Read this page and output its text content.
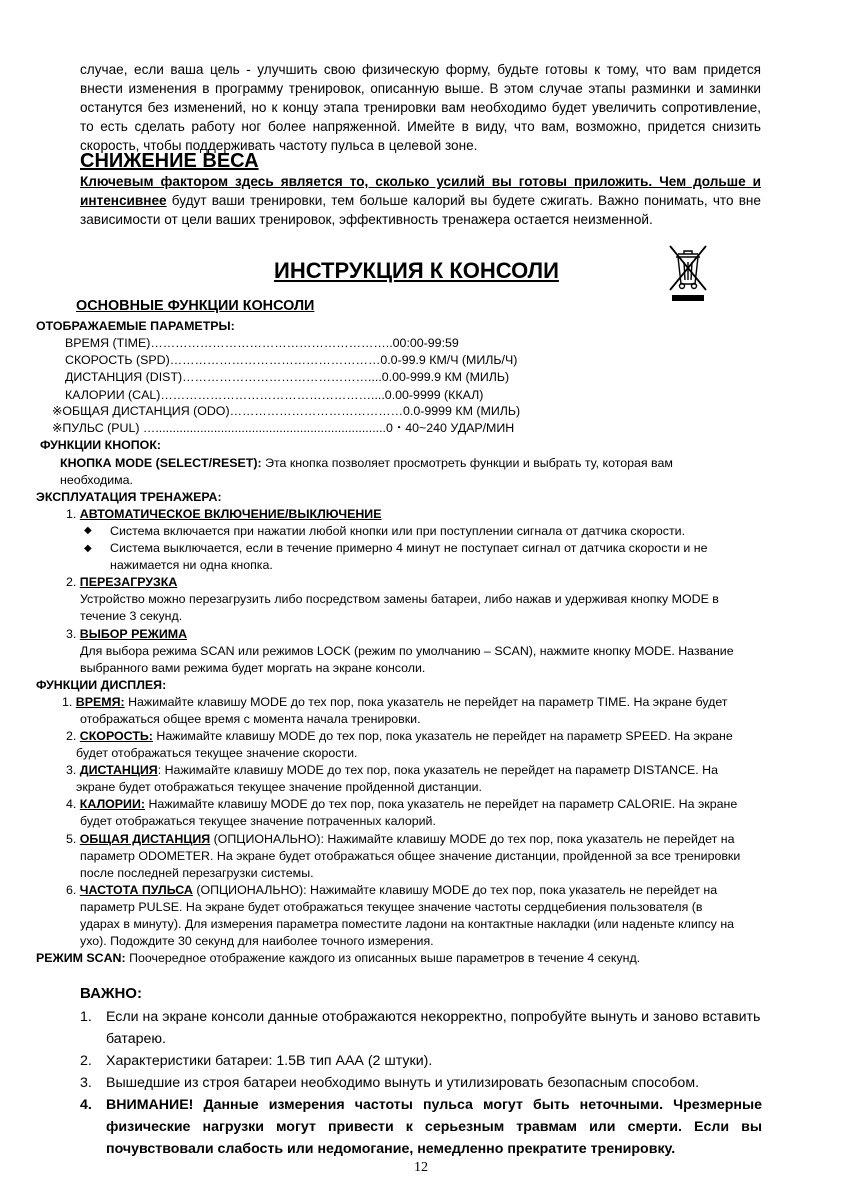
случае, если ваша цель - улучшить свою физическую форму, будьте готовы к тому, что вам придется внести изменения в программу тренировок, описанную выше. В этом случае этапы разминки и заминки останутся без изменений, но к концу этапа тренировки вам необходимо будет увеличить сопротивление, то есть сделать работу ног более напряженной. Имейте в виду, что вам, возможно, придется снизить скорость, чтобы поддерживать частоту пульса в целевой зоне.
СНИЖЕНИЕ ВЕСА
Ключевым фактором здесь является то, сколько усилий вы готовы приложить. Чем дольше и интенсивнее будут ваши тренировки, тем больше калорий вы будете сжигать. Важно понимать, что вне зависимости от цели ваших тренировок, эффективность тренажера остается неизменной.
ИНСТРУКЦИЯ К КОНСОЛИ
ОСНОВНЫЕ ФУНКЦИИ КОНСОЛИ
ОТОБРАЖАЕМЫЕ ПАРАМЕТРЫ:
ВРЕМЯ (TIME)…………………………………………………..00:00-99:59
СКОРОСТЬ (SPD)……………………………………………0.0-99.9 КМ/Ч (МИЛЬ/Ч)
ДИСТАНЦИЯ (DIST)………………………………………....0.00-999.9 КМ (МИЛЬ)
КАЛОРИИ (CAL)……………………………………………....0.00-9999 (ККАЛ)
※ОБЩАЯ ДИСТАНЦИЯ (ODO)……………………………………0.0-9999 КМ (МИЛЬ)
※ПУЛЬС (PUL) …...................................................................0・40~240 УДАР/МИН
ФУНКЦИИ КНОПОК:
КНОПКА MODE (SELECT/RESET): Эта кнопка позволяет просмотреть функции и выбрать ту, которая вам
необходима.
ЭКСПЛУАТАЦИЯ ТРЕНАЖЕРА:
1. АВТОМАТИЧЕСКОЕ ВКЛЮЧЕНИЕ/ВЫКЛЮЧЕНИЕ
◆ Система включается при нажатии любой кнопки или при поступлении сигнала от датчика скорости.
◆ Система выключается, если в течение примерно 4 минут не поступает сигнал от датчика скорости и не
нажимается ни одна кнопка.
2. ПЕРЕЗАГРУЗКА
Устройство можно перезагрузить либо посредством замены батареи, либо нажав и удерживая кнопку MODE в
течение 3 секунд.
3. ВЫБОР РЕЖИМА
Для выбора режима SCAN или режимов LOCK (режим по умолчанию – SCAN), нажмите кнопку MODE. Название
выбранного вами режима будет моргать на экране консоли.
ФУНКЦИИ ДИСПЛЕЯ:
1. ВРЕМЯ: Нажимайте клавишу MODE до тех пор, пока указатель не перейдет на параметр TIME. На экране будет
отображаться общее время с момента начала тренировки.
2. СКОРОСТЬ: Нажимайте клавишу MODE до тех пор, пока указатель не перейдет на параметр SPEED. На экране
будет отображаться текущее значение скорости.
3. ДИСТАНЦИЯ: Нажимайте клавишу MODE до тех пор, пока указатель не перейдет на параметр DISTANCE. На
экране будет отображаться текущее значение пройденной дистанции.
4. КАЛОРИИ: Нажимайте клавишу MODE до тех пор, пока указатель не перейдет на параметр CALORIE. На экране
будет отображаться текущее значение потраченных калорий.
5. ОБЩАЯ ДИСТАНЦИЯ (ОПЦИОНАЛЬНО): Нажимайте клавишу MODE до тех пор, пока указатель не перейдет на
параметр ODOMETER. На экране будет отображаться общее значение дистанции, пройденной за все тренировки
после последней перезагрузки системы.
6. ЧАСТОТА ПУЛЬСА (ОПЦИОНАЛЬНО): Нажимайте клавишу MODE до тех пор, пока указатель не перейдет на
параметр PULSE. На экране будет отображаться текущее значение частоты сердцебиения пользователя (в
ударах в минуту). Для измерения параметра поместите ладони на контактные накладки (или наденьте клипсу на
ухо). Подождите 30 секунд для наиболее точного измерения.
РЕЖИМ SCAN: Поочередное отображение каждого из описанных выше параметров в течение 4 секунд.
ВАЖНО:
1. Если на экране консоли данные отображаются некорректно, попробуйте вынуть и заново вставить
батарею.
2. Характеристики батареи: 1.5В тип ААА (2 штуки).
3. Вышедшие из строя батареи необходимо вынуть и утилизировать безопасным способом.
4. ВНИМАНИЕ! Данные измерения частоты пульса могут быть неточными. Чрезмерные физические нагрузки могут привести к серьезным травмам или смерти. Если вы почувствовали слабость или недомогание, немедленно прекратите тренировку.
12
